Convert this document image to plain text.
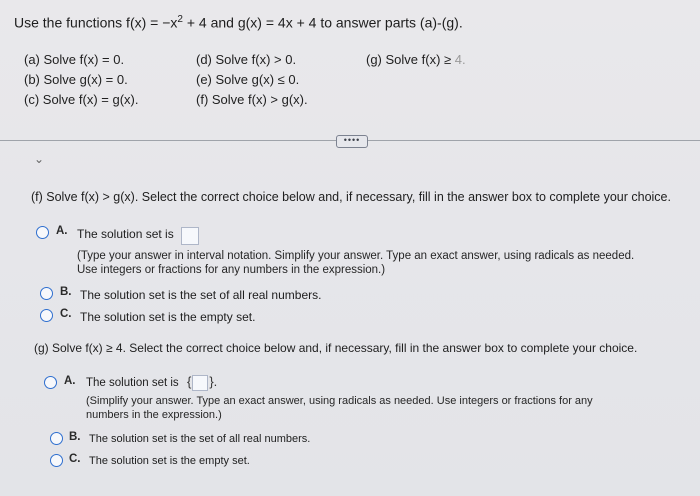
Use the functions $f(x) = -x^2 + 4$ and g(x) = 4x + 4 to answer parts (a)-(g).
(a) Solve f(x) = 0.
(b) Solve g(x) = 0.
(c) Solve f(x) = g(x).
(d) Solve f(x) > 0.
(e) Solve g(x) ≤ 0.
(f) Solve f(x) > g(x).
(g) Solve f(x) ≥ 4.
••••
⌄
(f) Solve f(x) > g(x). Select the correct choice below and, if necessary, fill in the answer box to complete your choice.
A. The solution set is
(Type your answer in interval notation. Simplify your answer. Type an exact answer, using radicals as needed.
Use integers or fractions for any numbers in the expression.)
B. The solution set is the set of all real numbers.
C. The solution set is the empty set.
(g) Solve f(x) ≥ 4. Select the correct choice below and, if necessary, fill in the answer box to complete your choice.
A. The solution set is { }.
(Simplify your answer. Type an exact answer, using radicals as needed. Use integers or fractions for any
numbers in the expression.)
B. The solution set is the set of all real numbers.
C. The solution set is the empty set.
